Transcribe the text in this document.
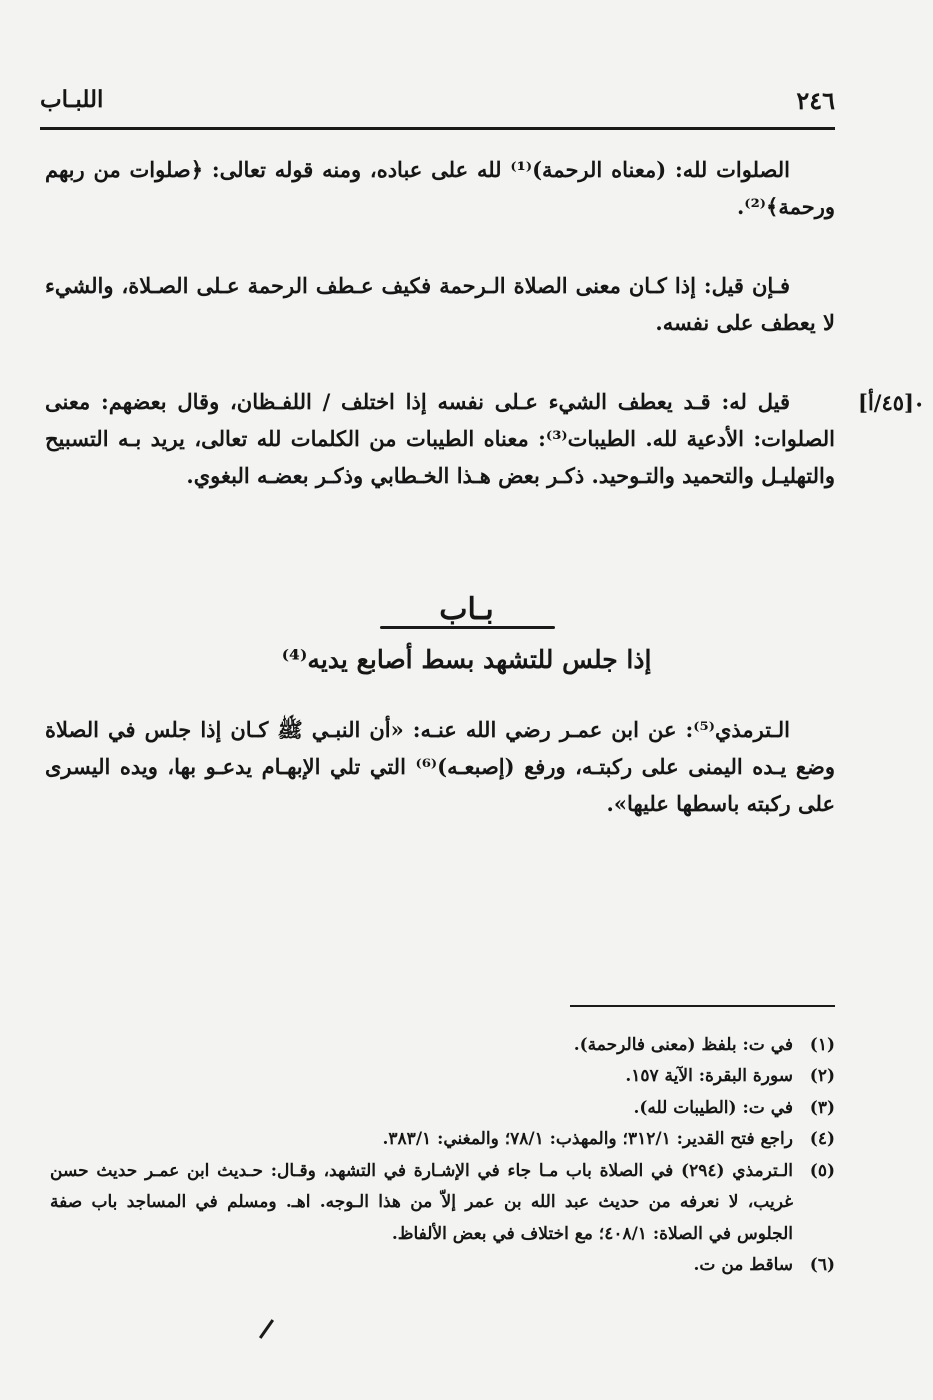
٢٤٦
اللبـاب
الصلوات لله: (معناه الرحمة)⁽¹⁾ لله على عباده، ومنه قوله تعالى: ﴿صلوات من ربهم ورحمة﴾⁽²⁾.
فـإن قيل: إذا كـان معنى الصلاة الـرحمة فكيف عـطف الرحمة عـلى الصـلاة، والشيء لا يعطف على نفسه.
[٤٥/أ] •
قيل له: قـد يعطف الشيء عـلى نفسه إذا اختلف / اللفـظان، وقال بعضهم: معنى الصلوات: الأدعية لله. الطيبات⁽³⁾: معناه الطيبات من الكلمات لله تعالى، يريد بـه التسبيح والتهليـل والتحميد والتـوحيد. ذكـر بعض هـذا الخـطابي وذكـر بعضـه البغوي.
بـاب
إذا جلس للتشهد بسط أصابع يديه⁽⁴⁾
الـترمذي⁽⁵⁾: عن ابن عمـر رضي الله عنـه: «أن النبـي ﷺ كـان إذا جلس في الصلاة وضع يـده اليمنى على ركبتـه، ورفع (إصبعـه)⁽⁶⁾ التي تلي الإبهـام يدعـو بها، ويده اليسرى على ركبته باسطها عليها».
(١)
في ت: بلفظ (معنى فالرحمة).
(٢)
سورة البقرة: الآية ١٥٧.
(٣)
في ت: (الطيبات لله).
(٤)
راجع فتح القدير: ٣١٢/١؛ والمهذب: ٧٨/١؛ والمغني: ٣٨٣/١.
(٥)
الـترمذي (٢٩٤) في الصلاة باب مـا جاء في الإشـارة في التشهد، وقـال: حـديث ابن عمـر حديث حسن غريب، لا نعرفه من حديث عبد الله بن عمر إلاّ من هذا الـوجه. اهـ. ومسلم في المساجد باب صفة الجلوس في الصلاة: ٤٠٨/١؛ مع اختلاف في بعض الألفاظ.
(٦)
ساقط من ت.
